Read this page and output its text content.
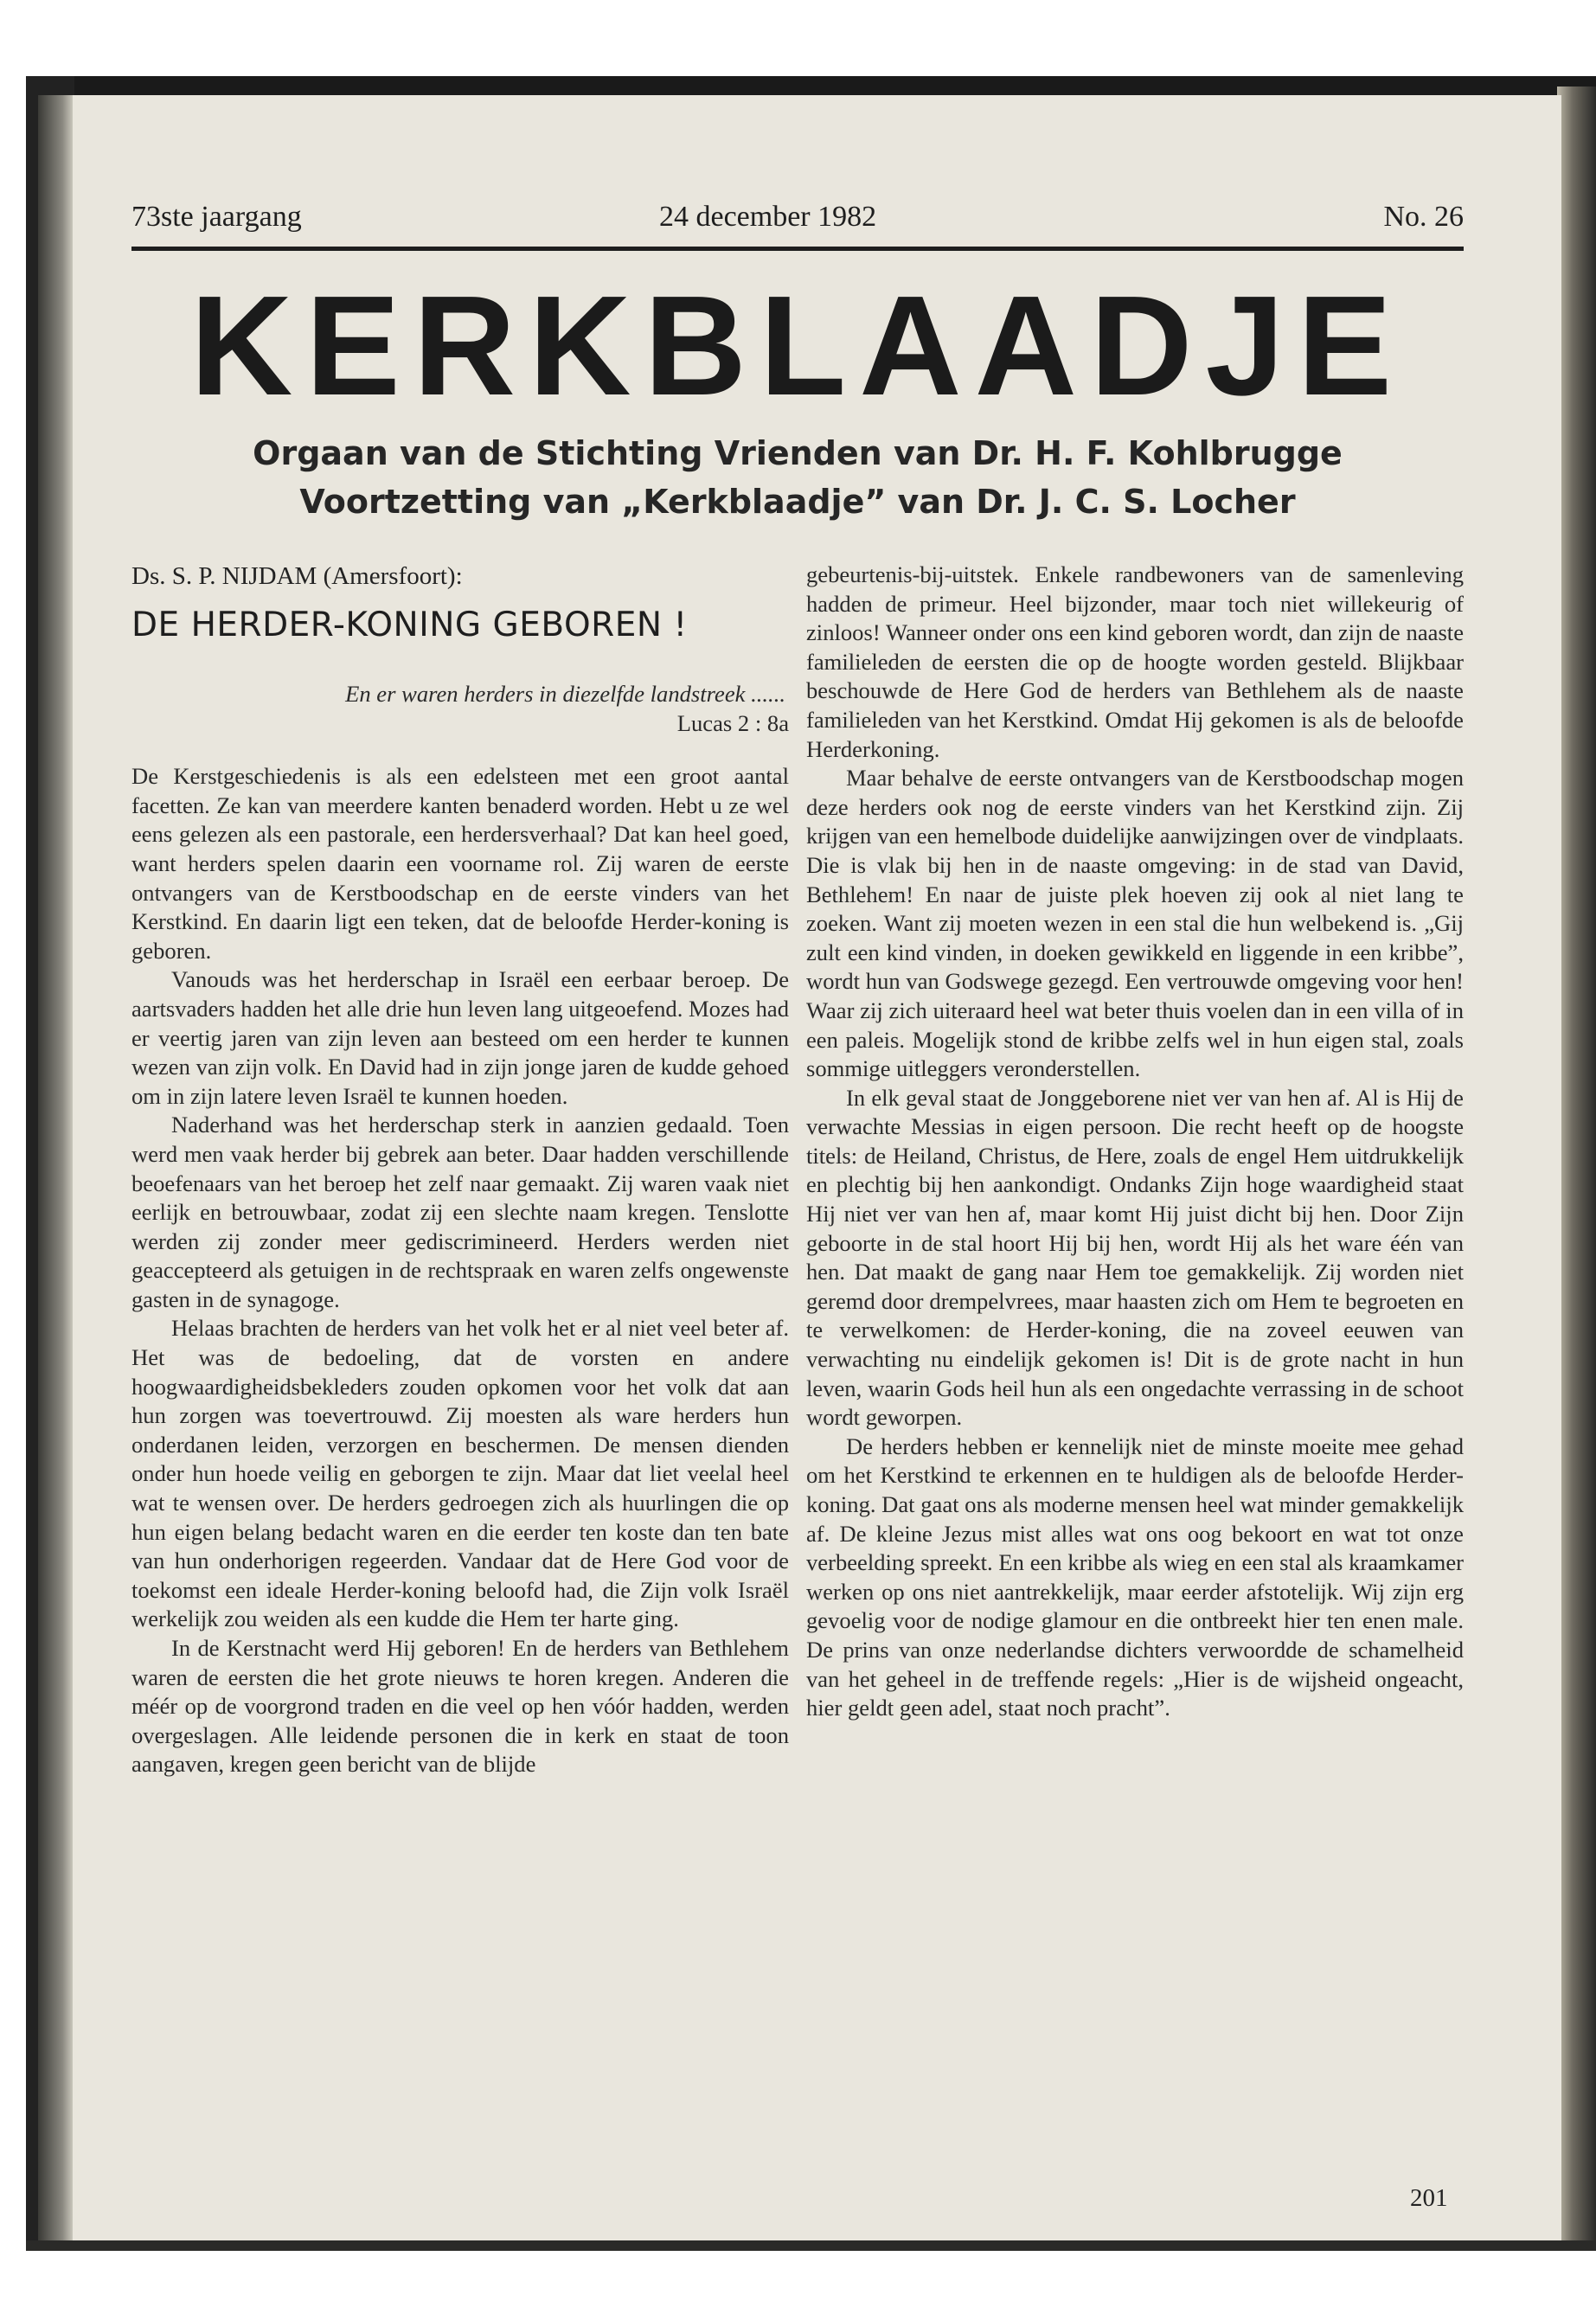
73ste jaargang	24 december 1982	No. 26
KERKBLAADJE
Orgaan van de Stichting Vrienden van Dr. H. F. Kohlbrugge
Voortzetting van „Kerkblaadje” van Dr. J. C. S. Locher

Ds. S. P. NIJDAM (Amersfoort):

DE HERDER-KONING GEBOREN !

En er waren herders in diezelfde landstreek ......

Lucas 2 : 8a

De Kerstgeschiedenis is als een edelsteen met een groot aantal facetten. Ze kan van meerdere kanten benaderd worden. Hebt u ze wel eens gelezen als een pastorale, een herdersverhaal? Dat kan heel goed, want herders spelen daarin een voorname rol. Zij waren de eerste ontvangers van de Kerstboodschap en de eerste vinders van het Kerstkind. En daarin ligt een teken, dat de beloofde Herder-koning is geboren.

Vanouds was het herderschap in Israël een eerbaar beroep. De aartsvaders hadden het alle drie hun leven lang uitgeoefend. Mozes had er veertig jaren van zijn leven aan besteed om een herder te kunnen wezen van zijn volk. En David had in zijn jonge jaren de kudde gehoed om in zijn latere leven Israël te kunnen hoeden.

Naderhand was het herderschap sterk in aanzien gedaald. Toen werd men vaak herder bij gebrek aan beter. Daar hadden verschillende beoefenaars van het beroep het zelf naar gemaakt. Zij waren vaak niet eerlijk en betrouwbaar, zodat zij een slechte naam kregen. Tenslotte werden zij zonder meer gediscrimineerd. Herders werden niet geaccepteerd als getuigen in de rechtspraak en waren zelfs ongewenste gasten in de synagoge.

Helaas brachten de herders van het volk het er al niet veel beter af. Het was de bedoeling, dat de vorsten en andere hoogwaardigheidsbekleders zouden opkomen voor het volk dat aan hun zorgen was toevertrouwd. Zij moesten als ware herders hun onderdanen leiden, verzorgen en beschermen. De mensen dienden onder hun hoede veilig en geborgen te zijn. Maar dat liet veelal heel wat te wensen over. De herders gedroegen zich als huurlingen die op hun eigen belang bedacht waren en die eerder ten koste dan ten bate van hun onderhorigen regeerden. Vandaar dat de Here God voor de toekomst een ideale Herder-koning beloofd had, die Zijn volk Israël werkelijk zou weiden als een kudde die Hem ter harte ging.

In de Kerstnacht werd Hij geboren! En de herders van Bethlehem waren de eersten die het grote nieuws te horen kregen. Anderen die méér op de voorgrond traden en die veel op hen vóór hadden, werden overgeslagen. Alle leidende personen die in kerk en staat de toon aangaven, kregen geen bericht van de blijde

gebeurtenis-bij-uitstek. Enkele randbewoners van de samenleving hadden de primeur. Heel bijzonder, maar toch niet willekeurig of zinloos! Wanneer onder ons een kind geboren wordt, dan zijn de naaste familieleden de eersten die op de hoogte worden gesteld. Blijkbaar beschouwde de Here God de herders van Bethlehem als de naaste familieleden van het Kerstkind. Omdat Hij gekomen is als de beloofde Herderkoning.

Maar behalve de eerste ontvangers van de Kerstboodschap mogen deze herders ook nog de eerste vinders van het Kerstkind zijn. Zij krijgen van een hemelbode duidelijke aanwijzingen over de vindplaats. Die is vlak bij hen in de naaste omgeving: in de stad van David, Bethlehem! En naar de juiste plek hoeven zij ook al niet lang te zoeken. Want zij moeten wezen in een stal die hun welbekend is. „Gij zult een kind vinden, in doeken gewikkeld en liggende in een kribbe”, wordt hun van Godswege gezegd. Een vertrouwde omgeving voor hen! Waar zij zich uiteraard heel wat beter thuis voelen dan in een villa of in een paleis. Mogelijk stond de kribbe zelfs wel in hun eigen stal, zoals sommige uitleggers veronderstellen.

In elk geval staat de Jonggeborene niet ver van hen af. Al is Hij de verwachte Messias in eigen persoon. Die recht heeft op de hoogste titels: de Heiland, Christus, de Here, zoals de engel Hem uitdrukkelijk en plechtig bij hen aankondigt. Ondanks Zijn hoge waardigheid staat Hij niet ver van hen af, maar komt Hij juist dicht bij hen. Door Zijn geboorte in de stal hoort Hij bij hen, wordt Hij als het ware één van hen. Dat maakt de gang naar Hem toe gemakkelijk. Zij worden niet geremd door drempelvrees, maar haasten zich om Hem te begroeten en te verwelkomen: de Herder-koning, die na zoveel eeuwen van verwachting nu eindelijk gekomen is! Dit is de grote nacht in hun leven, waarin Gods heil hun als een ongedachte verrassing in de schoot wordt geworpen.

De herders hebben er kennelijk niet de minste moeite mee gehad om het Kerstkind te erkennen en te huldigen als de beloofde Herder-koning. Dat gaat ons als moderne mensen heel wat minder gemakkelijk af. De kleine Jezus mist alles wat ons oog bekoort en wat tot onze verbeelding spreekt. En een kribbe als wieg en een stal als kraamkamer werken op ons niet aantrekkelijk, maar eerder afstotelijk. Wij zijn erg gevoelig voor de nodige glamour en die ontbreekt hier ten enen male. De prins van onze nederlandse dichters verwoordde de schamelheid van het geheel in de treffende regels: „Hier is de wijsheid ongeacht, hier geldt geen adel, staat noch pracht”.

201
